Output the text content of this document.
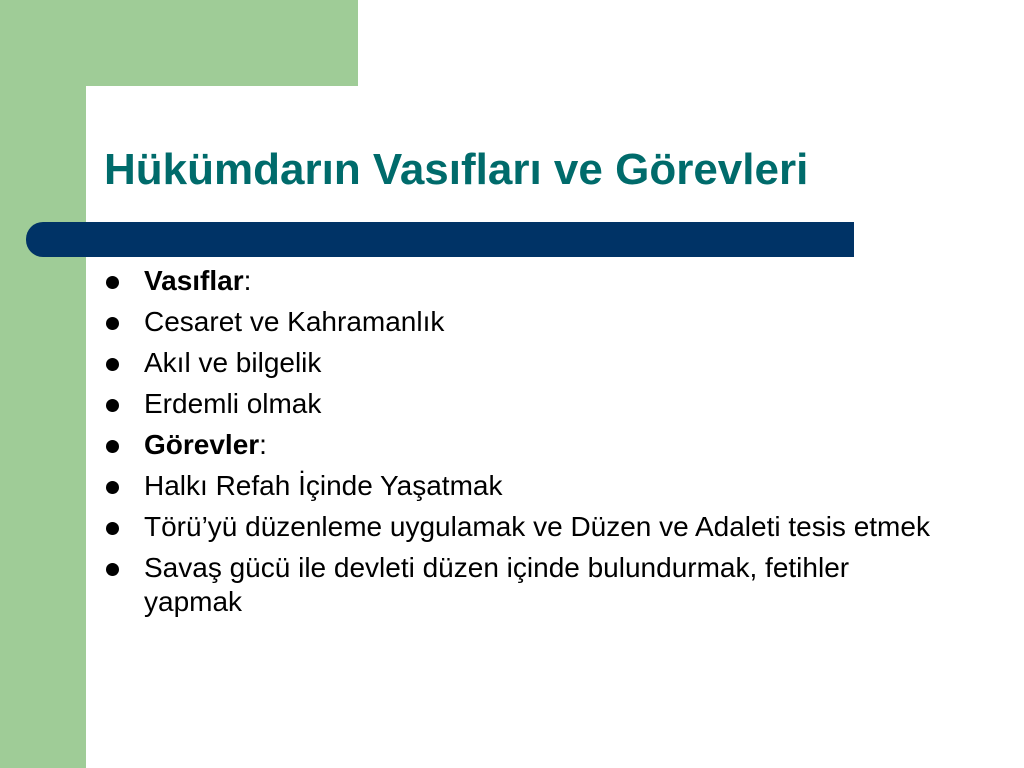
Hükümdarın Vasıfları ve Görevleri
Vasıflar:
Cesaret ve Kahramanlık
Akıl ve bilgelik
Erdemli olmak
Görevler:
Halkı Refah İçinde Yaşatmak
Törü’yü düzenleme uygulamak ve Düzen ve Adaleti tesis etmek
Savaş gücü ile devleti düzen içinde bulundurmak, fetihler yapmak
